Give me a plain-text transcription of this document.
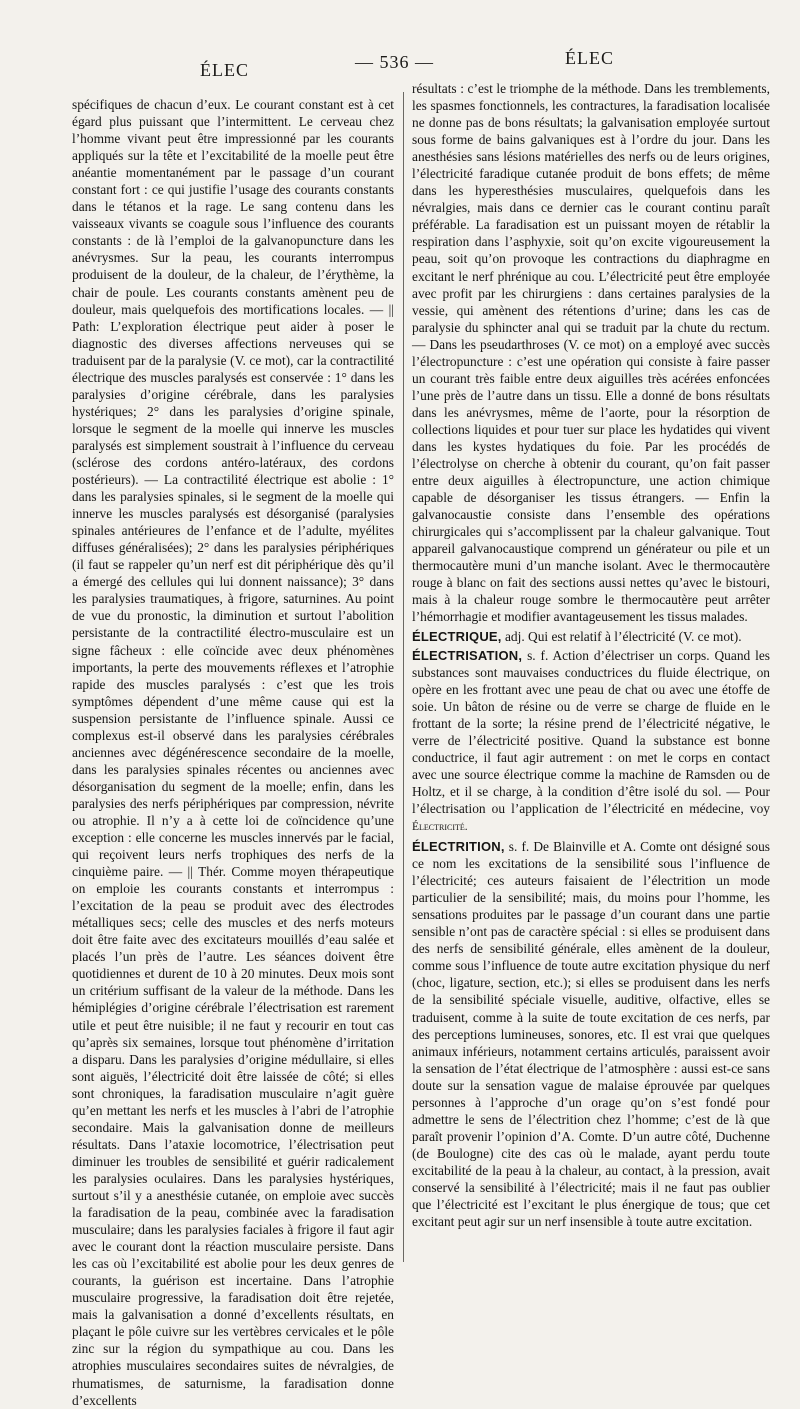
ÉLEC	— 536 —	ÉLEC

spécifiques de chacun d’eux. Le courant constant est à cet égard plus puissant que l’intermittent. Le cerveau chez l’homme vivant peut être impressionné par les courants appliqués sur la tête et l’excitabilité de la moelle peut être anéantie momentanément par le passage d’un courant constant fort : ce qui justifie l’usage des courants constants dans le tétanos et la rage. Le sang contenu dans les vaisseaux vivants se coagule sous l’influence des courants constants : de là l’emploi de la galvanopuncture dans les anévrysmes. Sur la peau, les courants interrompus produisent de la douleur, de la chaleur, de l’érythème, la chair de poule. Les courants constants amènent peu de douleur, mais quelquefois des mortifications locales. — || Path: L’exploration électrique peut aider à poser le diagnostic des diverses affections nerveuses qui se traduisent par de la paralysie (V. ce mot), car la contractilité électrique des muscles paralysés est conservée : 1° dans les paralysies d’origine cérébrale, dans les paralysies hystériques; 2° dans les paralysies d’origine spinale, lorsque le segment de la moelle qui innerve les muscles paralysés est simplement soustrait à l’influence du cerveau (sclérose des cordons antéro-latéraux, des cordons postérieurs). — La contractilité électrique est abolie : 1° dans les paralysies spinales, si le segment de la moelle qui innerve les muscles paralysés est désorganisé (paralysies spinales antérieures de l’enfance et de l’adulte, myélites diffuses généralisées); 2° dans les paralysies périphériques (il faut se rappeler qu’un nerf est dit périphérique dès qu’il a émergé des cellules qui lui donnent naissance); 3° dans les paralysies traumatiques, à frigore, saturnines. Au point de vue du pronostic, la diminution et surtout l’abolition persistante de la contractilité électro-musculaire est un signe fâcheux : elle coïncide avec deux phénomènes importants, la perte des mouvements réflexes et l’atrophie rapide des muscles paralysés : c’est que les trois symptômes dépendent d’une même cause qui est la suspension persistante de l’influence spinale. Aussi ce complexus est-il observé dans les paralysies cérébrales anciennes avec dégénérescence secondaire de la moelle, dans les paralysies spinales récentes ou anciennes avec désorganisation du segment de la moelle; enfin, dans les paralysies des nerfs périphériques par compression, névrite ou atrophie. Il n’y a à cette loi de coïncidence qu’une exception : elle concerne les muscles innervés par le facial, qui reçoivent leurs nerfs trophiques des nerfs de la cinquième paire. — || Thér. Comme moyen thérapeutique on emploie les courants constants et interrompus : l’excitation de la peau se produit avec des électrodes métalliques secs; celle des muscles et des nerfs moteurs doit être faite avec des excitateurs mouillés d’eau salée et placés l’un près de l’autre. Les séances doivent être quotidiennes et durent de 10 à 20 minutes. Deux mois sont un critérium suffisant de la valeur de la méthode. Dans les hémiplégies d’origine cérébrale l’électrisation est rarement utile et peut être nuisible; il ne faut y recourir en tout cas qu’après six semaines, lorsque tout phénomène d’irritation a disparu. Dans les paralysies d’origine médullaire, si elles sont aiguës, l’électricité doit être laissée de côté; si elles sont chroniques, la faradisation musculaire n’agit guère qu’en mettant les nerfs et les muscles à l’abri de l’atrophie secondaire. Mais la galvanisation donne de meilleurs résultats. Dans l’ataxie locomotrice, l’électrisation peut diminuer les troubles de sensibilité et guérir radicalement les paralysies oculaires. Dans les paralysies hystériques, surtout s’il y a anesthésie cutanée, on emploie avec succès la faradisation de la peau, combinée avec la faradisation musculaire; dans les paralysies faciales à frigore il faut agir avec le courant dont la réaction musculaire persiste. Dans les cas où l’excitabilité est abolie pour les deux genres de courants, la guérison est incertaine. Dans l’atrophie musculaire progressive, la faradisation doit être rejetée, mais la galvanisation a donné d’excellents résultats, en plaçant le pôle cuivre sur les vertèbres cervicales et le pôle zinc sur la région du sympathique au cou. Dans les atrophies musculaires secondaires suites de névralgies, de rhumatismes, de saturnisme, la faradisation donne d’excellents

résultats : c’est le triomphe de la méthode. Dans les tremblements, les spasmes fonctionnels, les contractures, la faradisation localisée ne donne pas de bons résultats; la galvanisation employée surtout sous forme de bains galvaniques est à l’ordre du jour. Dans les anesthésies sans lésions matérielles des nerfs ou de leurs origines, l’électricité faradique cutanée produit de bons effets; de même dans les hyperesthésies musculaires, quelquefois dans les névralgies, mais dans ce dernier cas le courant continu paraît préférable. La faradisation est un puissant moyen de rétablir la respiration dans l’asphyxie, soit qu’on excite vigoureusement la peau, soit qu’on provoque les contractions du diaphragme en excitant le nerf phrénique au cou. L’électricité peut être employée avec profit par les chirurgiens : dans certaines paralysies de la vessie, qui amènent des rétentions d’urine; dans les cas de paralysie du sphincter anal qui se traduit par la chute du rectum. — Dans les pseudarthroses (V. ce mot) on a employé avec succès l’électropuncture : c’est une opération qui consiste à faire passer un courant très faible entre deux aiguilles très acérées enfoncées l’une près de l’autre dans un tissu. Elle a donné de bons résultats dans les anévrysmes, même de l’aorte, pour la résorption de collections liquides et pour tuer sur place les hydatides qui vivent dans les kystes hydatiques du foie. Par les procédés de l’électrolyse on cherche à obtenir du courant, qu’on fait passer entre deux aiguilles à électropuncture, une action chimique capable de désorganiser les tissus étrangers. — Enfin la galvanocaustie consiste dans l’ensemble des opérations chirurgicales qui s’accomplissent par la chaleur galvanique. Tout appareil galvanocaustique comprend un générateur ou pile et un thermocautère muni d’un manche isolant. Avec le thermocautère rouge à blanc on fait des sections aussi nettes qu’avec le bistouri, mais à la chaleur rouge sombre le thermocautère peut arrêter l’hémorrhagie et modifier avantageusement les tissus malades.

ÉLECTRIQUE, adj. Qui est relatif à l’électricité (V. ce mot).

ÉLECTRISATION, s. f. Action d’électriser un corps. Quand les substances sont mauvaises conductrices du fluide électrique, on opère en les frottant avec une peau de chat ou avec une étoffe de soie. Un bâton de résine ou de verre se charge de fluide en le frottant de la sorte; la résine prend de l’électricité négative, le verre de l’électricité positive. Quand la substance est bonne conductrice, il faut agir autrement : on met le corps en contact avec une source électrique comme la machine de Ramsden ou de Holtz, et il se charge, à la condition d’être isolé du sol. — Pour l’électrisation ou l’application de l’électricité en médecine, voy Électricité.

ÉLECTRITION, s. f. De Blainville et A. Comte ont désigné sous ce nom les excitations de la sensibilité sous l’influence de l’électricité; ces auteurs faisaient de l’électrition un mode particulier de la sensibilité; mais, du moins pour l’homme, les sensations produites par le passage d’un courant dans une partie sensible n’ont pas de caractère spécial : si elles se produisent dans des nerfs de sensibilité générale, elles amènent de la douleur, comme sous l’influence de toute autre excitation physique du nerf (choc, ligature, section, etc.); si elles se produisent dans les nerfs de la sensibilité spéciale visuelle, auditive, olfactive, elles se traduisent, comme à la suite de toute excitation de ces nerfs, par des perceptions lumineuses, sonores, etc. Il est vrai que quelques animaux inférieurs, notamment certains articulés, paraissent avoir la sensation de l’état électrique de l’atmosphère : aussi est-ce sans doute sur la sensation vague de malaise éprouvée par quelques personnes à l’approche d’un orage qu’on s’est fondé pour admettre le sens de l’électrition chez l’homme; c’est de là que paraît provenir l’opinion d’A. Comte. D’un autre côté, Duchenne (de Boulogne) cite des cas où le malade, ayant perdu toute excitabilité de la peau à la chaleur, au contact, à la pression, avait conservé la sensibilité à l’électricité; mais il ne faut pas oublier que l’électricité est l’excitant le plus énergique de tous; que cet excitant peut agir sur un nerf insensible à toute autre excitation.
